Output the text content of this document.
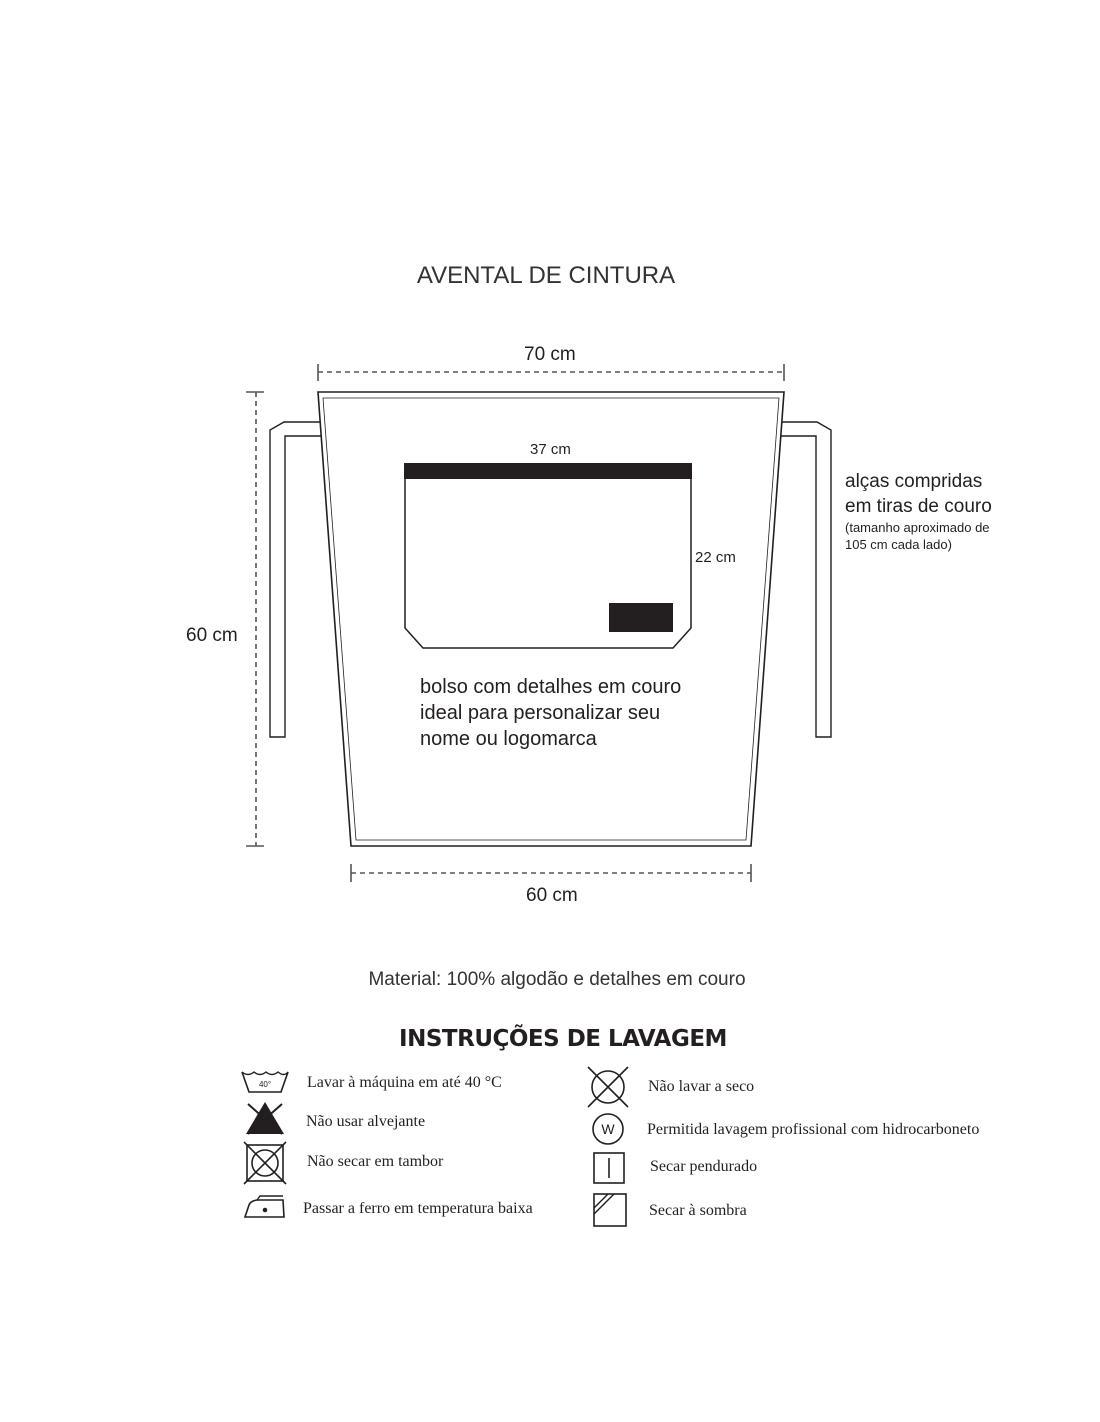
AVENTAL DE CINTURA
70 cm
60 cm
60 cm
37 cm
22 cm
alças compridas
em tiras de couro
(tamanho aproximado de
105 cm cada lado)
bolso com detalhes em couro
ideal para personalizar seu
nome ou logomarca
Material: 100% algodão e detalhes em couro
INSTRUÇÕES DE LAVAGEM
40° Lavar à máquina em até 40 °C
Não usar alvejante
Não secar em tambor
Passar a ferro em temperatura baixa
Não lavar a seco
W Permitida lavagem profissional com hidrocarboneto
Secar pendurado
Secar à sombra
